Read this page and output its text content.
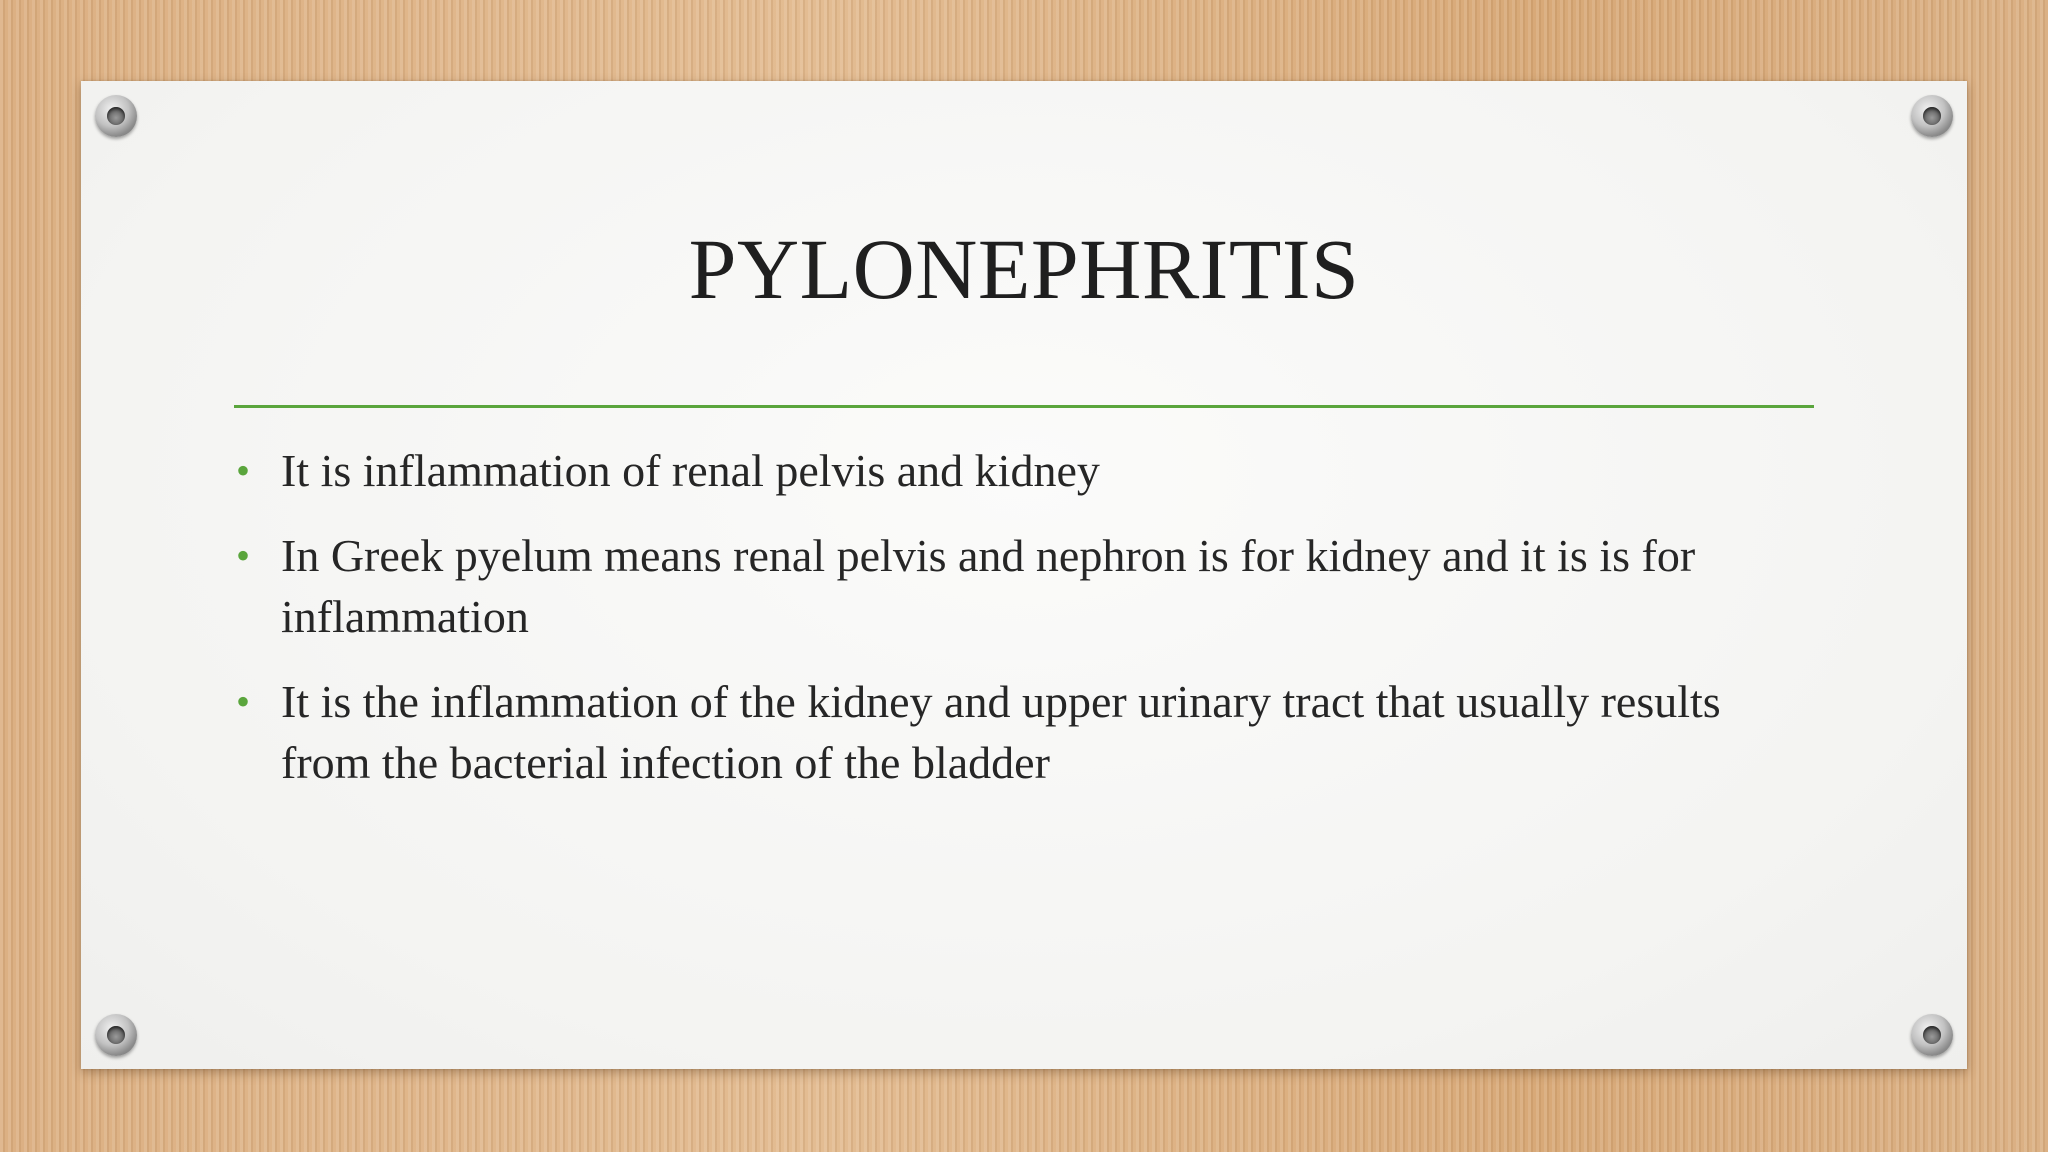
PYLONEPHRITIS
• It is inflammation of renal pelvis and kidney
• In Greek pyelum means renal pelvis and nephron is for kidney and it is is for inflammation
• It is the inflammation of the kidney and upper urinary tract that usually results from the bacterial infection of the bladder
